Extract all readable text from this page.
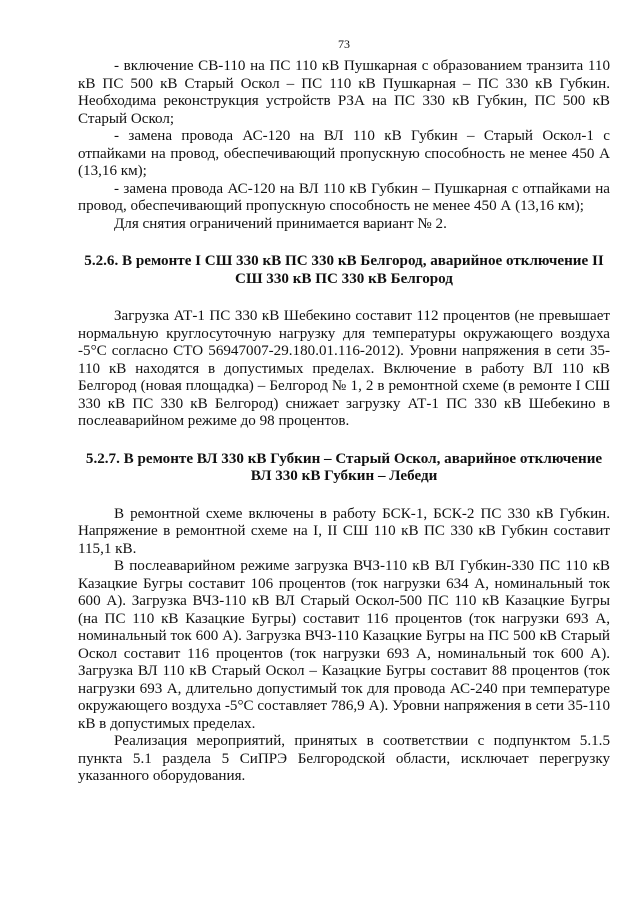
73

- включение СВ-110 на ПС 110 кВ Пушкарная с образованием транзита 110 кВ ПС 500 кВ Старый Оскол – ПС 110 кВ Пушкарная – ПС 330 кВ Губкин. Необходима реконструкция устройств РЗА на ПС 330 кВ Губкин, ПС 500 кВ Старый Оскол;

- замена провода АС-120 на ВЛ 110 кВ Губкин – Старый Оскол-1 с отпайками на провод, обеспечивающий пропускную способность не менее 450 А (13,16 км);

- замена провода АС-120 на ВЛ 110 кВ Губкин – Пушкарная с отпайками на провод, обеспечивающий пропускную способность не менее 450 А (13,16 км);

Для снятия ограничений принимается вариант № 2.

5.2.6. В ремонте I СШ 330 кВ ПС 330 кВ Белгород, аварийное отключение II СШ 330 кВ ПС 330 кВ Белгород

Загрузка АТ-1 ПС 330 кВ Шебекино составит 112 процентов (не превышает нормальную круглосуточную нагрузку для температуры окружающего воздуха -5°С согласно СТО 56947007-29.180.01.116-2012). Уровни напряжения в сети 35-110 кВ находятся в допустимых пределах. Включение в работу ВЛ 110 кВ Белгород (новая площадка) – Белгород № 1, 2 в ремонтной схеме (в ремонте I СШ 330 кВ ПС 330 кВ Белгород) снижает загрузку АТ-1 ПС 330 кВ Шебекино в послеаварийном режиме до 98 процентов.

5.2.7. В ремонте ВЛ 330 кВ Губкин – Старый Оскол, аварийное отключение ВЛ 330 кВ Губкин – Лебеди

В ремонтной схеме включены в работу БСК-1, БСК-2 ПС 330 кВ Губкин. Напряжение в ремонтной схеме на I, II СШ 110 кВ ПС 330 кВ Губкин составит 115,1 кВ.

В послеаварийном режиме загрузка ВЧЗ-110 кВ ВЛ Губкин-330 ПС 110 кВ Казацкие Бугры составит 106 процентов (ток нагрузки 634 А, номинальный ток 600 А). Загрузка ВЧЗ-110 кВ ВЛ Старый Оскол-500 ПС 110 кВ Казацкие Бугры (на ПС 110 кВ Казацкие Бугры) составит 116 процентов (ток нагрузки 693 А, номинальный ток 600 А). Загрузка ВЧЗ-110 Казацкие Бугры на ПС 500 кВ Старый Оскол составит 116 процентов (ток нагрузки 693 А, номинальный ток 600 А). Загрузка ВЛ 110 кВ Старый Оскол – Казацкие Бугры составит 88 процентов (ток нагрузки 693 А, длительно допустимый ток для провода АС-240 при температуре окружающего воздуха -5°С составляет 786,9 А). Уровни напряжения в сети 35-110 кВ в допустимых пределах.

Реализация мероприятий, принятых в соответствии с подпунктом 5.1.5 пункта 5.1 раздела 5 СиПРЭ Белгородской области, исключает перегрузку указанного оборудования.
